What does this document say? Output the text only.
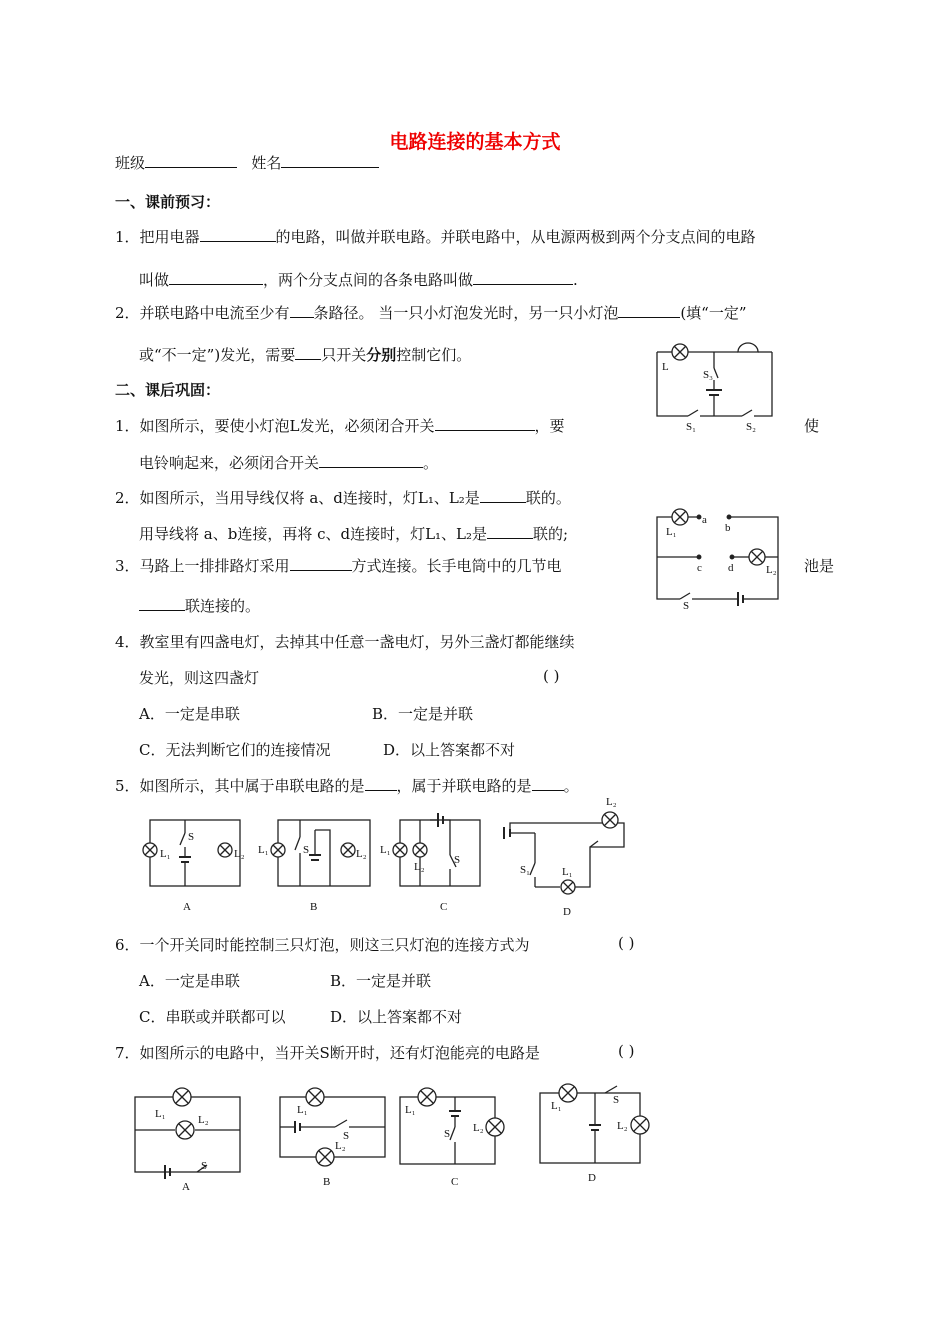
电路连接的基本方式
班级	姓名
一、课前预习：
1．把用电器	的电路，叫做并联电路。并联电路中，从电源两极到两个分支点间的电路
叫做	，两个分支点间的各条电路叫做	.
2．并联电路中电流至少有 条路径。 当一只小灯泡发光时，另一只小灯泡	(填“一定”
或“不一定”)发光，需要 只开关分别控制它们。
二、课后巩固：
1．如图所示，要使小灯泡L发光，必须闭合开关	，要	使
电铃响起来，必须闭合开关	。
2．如图所示，当用导线仅将 a、d连接时，灯L₁、L₂是	联的。
用导线将 a、b连接，再将 c、d连接时，灯L₁、L₂是	联的;
3．马路上一排排路灯采用	方式连接。长手电筒中的几节电	池是
联连接的。
4．教室里有四盏电灯，去掉其中任意一盏电灯，另外三盏灯都能继续
发光，则这四盏灯	( )
A．一定是串联	B．一定是并联
C．无法判断它们的连接情况	D．以上答案都不对
5．如图所示，其中属于串联电路的是 ，属于并联电路的是 。
6．一个开关同时能控制三只灯泡，则这三只灯泡的连接方式为	( )
A．一定是串联	B．一定是并联
C．串联或并联都可以	D．以上答案都不对
7．如图所示的电路中，当开关S断开时，还有灯泡能亮的电路是	( )
L
S₃
S₁	S₂
L₁
a
b
c d	L₂
S
L₁
S
L₂
A
L₁	S	L₂
B
L₁
L₂
S
C
L₂
S₁	L₁
D
L₁	L₂
S
A
L₁
S
L₂
B
L₁
S L₂
C
L₁	S
L₂
D
